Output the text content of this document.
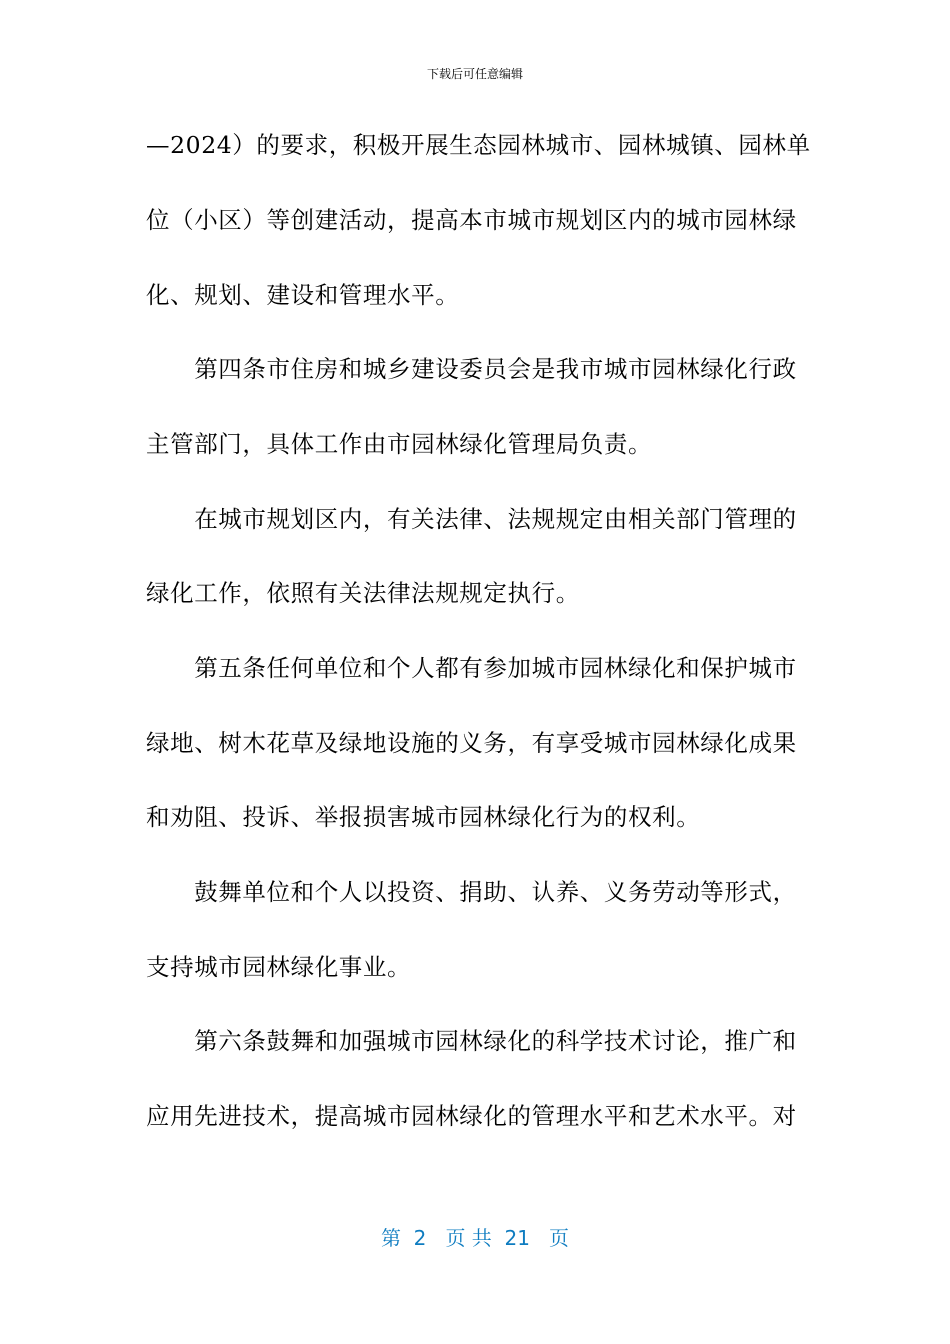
下载后可任意编辑

—2024）的要求，积极开展生态园林城市、园林城镇、园林单

位（小区）等创建活动，提高本市城市规划区内的城市园林绿

化、规划、建设和管理水平。

　　第四条市住房和城乡建设委员会是我市城市园林绿化行政

主管部门，具体工作由市园林绿化管理局负责。

　　在城市规划区内，有关法律、法规规定由相关部门管理的

绿化工作，依照有关法律法规规定执行。

　　第五条任何单位和个人都有参加城市园林绿化和保护城市

绿地、树木花草及绿地设施的义务，有享受城市园林绿化成果

和劝阻、投诉、举报损害城市园林绿化行为的权利。

　　鼓舞单位和个人以投资、捐助、认养、义务劳动等形式，

支持城市园林绿化事业。

　　第六条鼓舞和加强城市园林绿化的科学技术讨论，推广和

应用先进技术，提高城市园林绿化的管理水平和艺术水平。对

第  2   页 共  21   页
